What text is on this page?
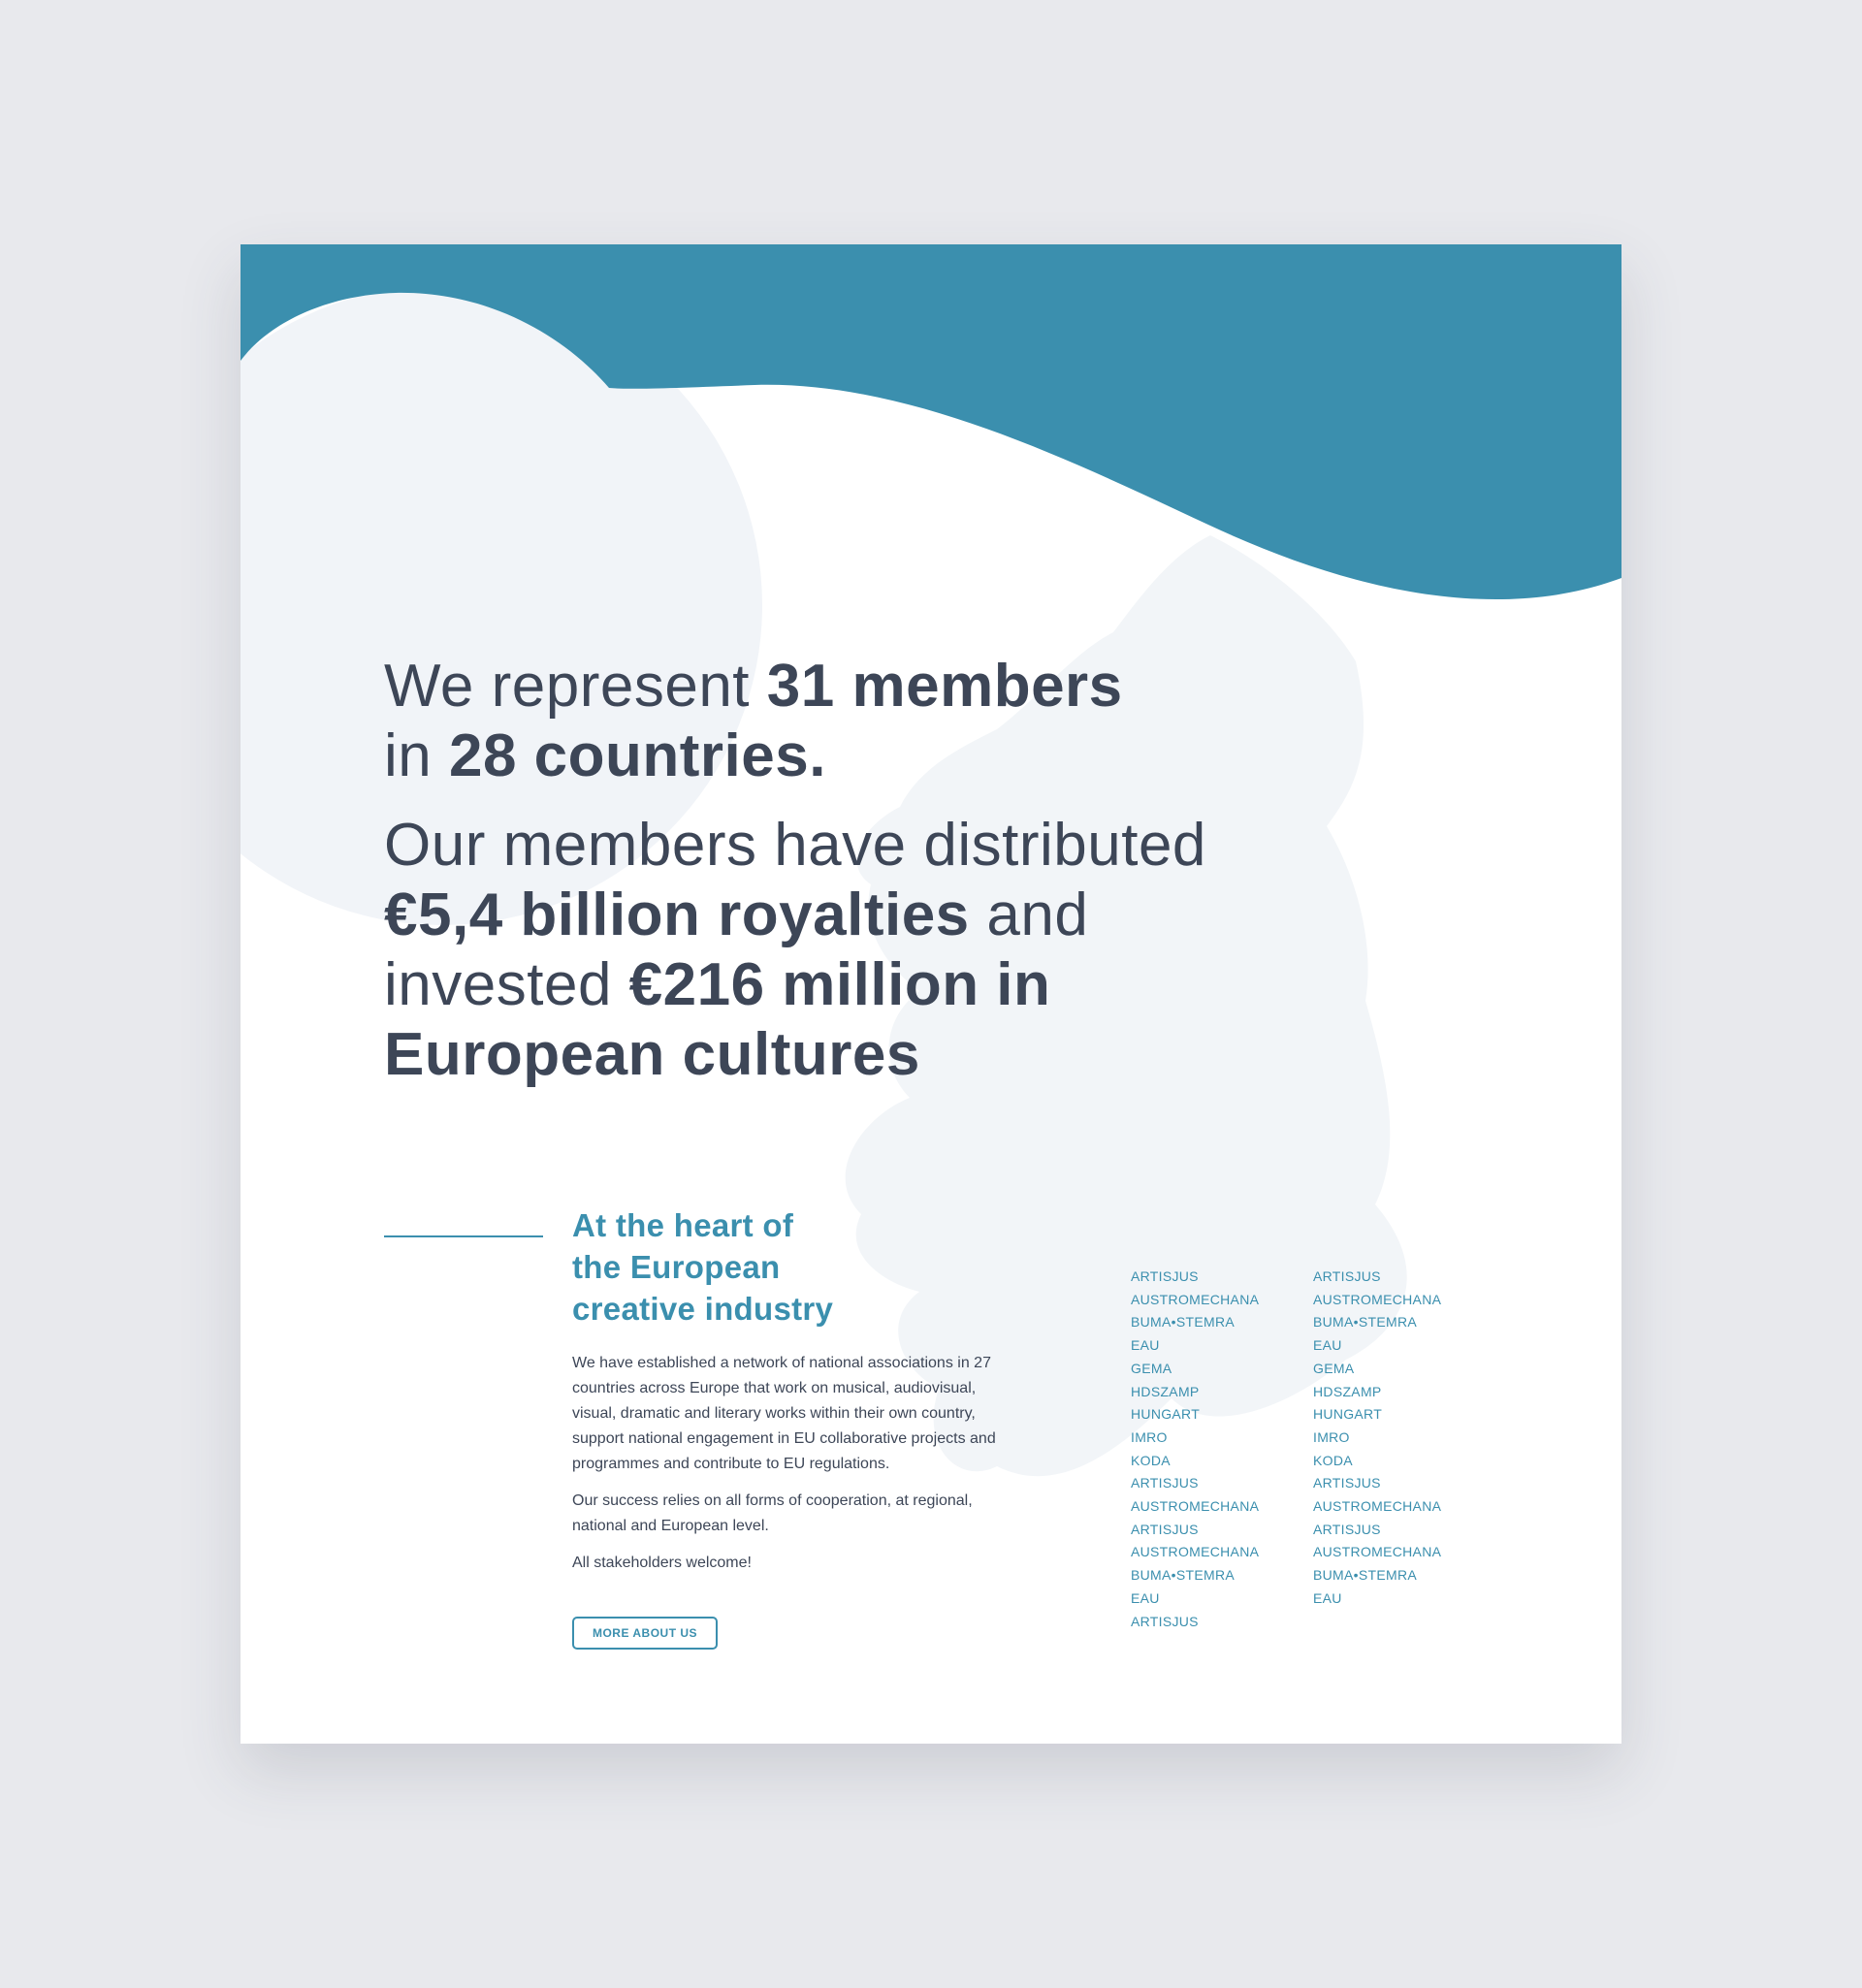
We represent 31 members
in 28 countries.

Our members have distributed
€5,4 billion royalties and
invested €216 million in
European cultures

At the heart of
the European
creative industry

We have established a network of national associations in 27 countries across Europe that work on musical, audiovisual, visual, dramatic and literary works within their own country, support national engagement in EU collaborative projects and programmes and contribute to EU regulations.

Our success relies on all forms of cooperation, at regional, national and European level.

All stakeholders welcome!

MORE ABOUT US
ARTISJUS
AUSTROMECHANA
BUMA•STEMRA
EAU
GEMA
HDSZAMP
HUNGART
IMRO
KODA
ARTISJUS
AUSTROMECHANA
ARTISJUS
AUSTROMECHANA
BUMA•STEMRA
EAU
ARTISJUS
ARTISJUS
AUSTROMECHANA
BUMA•STEMRA
EAU
GEMA
HDSZAMP
HUNGART
IMRO
KODA
ARTISJUS
AUSTROMECHANA
ARTISJUS
AUSTROMECHANA
BUMA•STEMRA
EAU
